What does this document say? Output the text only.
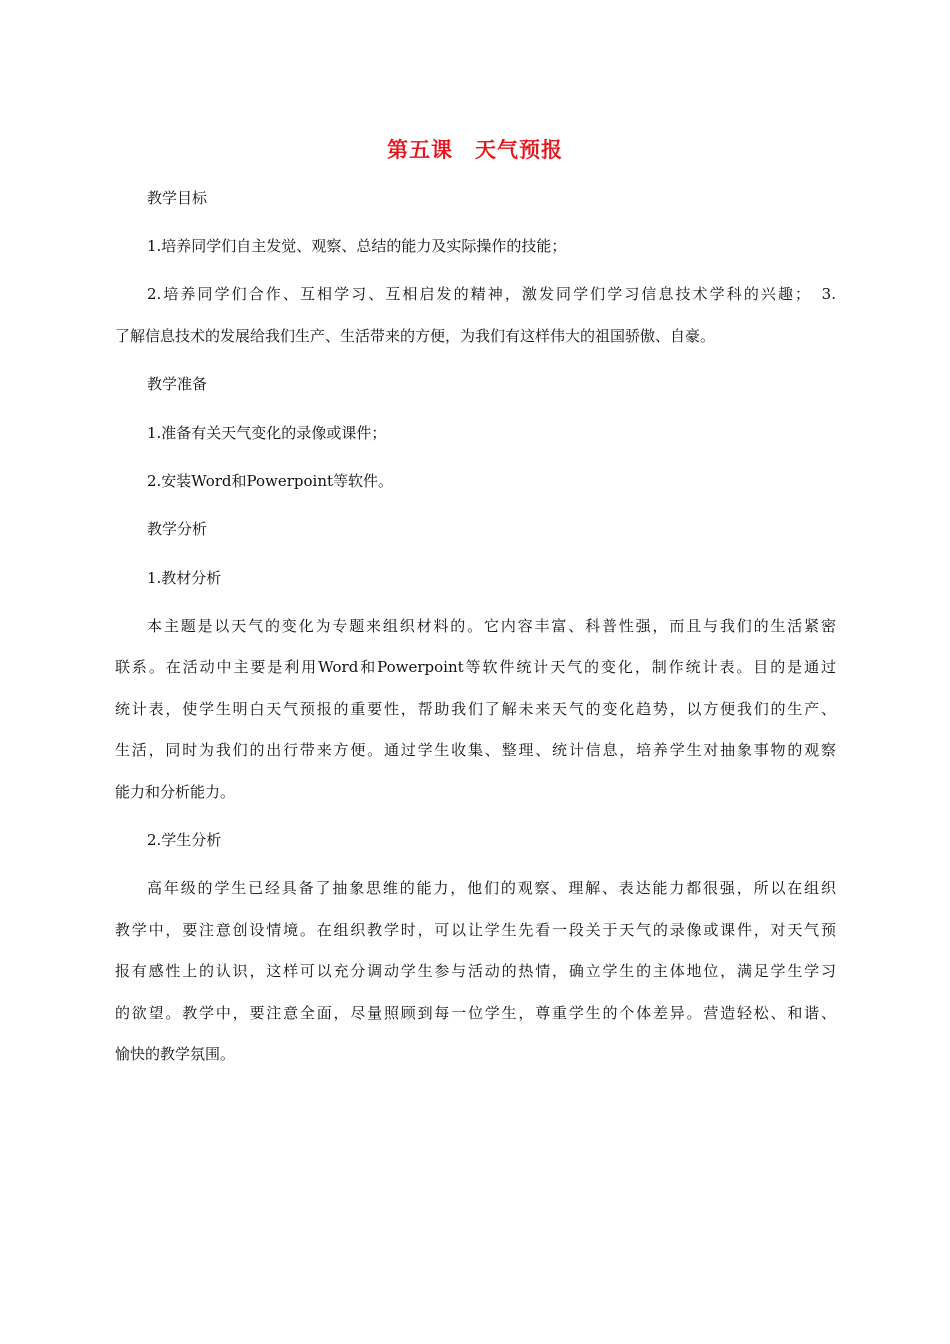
第五课　天气预报
教学目标
1.培养同学们自主发觉、观察、总结的能力及实际操作的技能；
2.培养同学们合作、互相学习、互相启发的精神，激发同学们学习信息技术学科的兴趣；　3.
了解信息技术的发展给我们生产、生活带来的方便，为我们有这样伟大的祖国骄傲、自豪。
教学准备
1.准备有关天气变化的录像或课件；
2.安装Word和Powerpoint等软件。
教学分析
1.教材分析
本主题是以天气的变化为专题来组织材料的。它内容丰富、科普性强，而且与我们的生活紧密
联系。在活动中主要是利用Word和Powerpoint等软件统计天气的变化，制作统计表。目的是通过
统计表，使学生明白天气预报的重要性，帮助我们了解未来天气的变化趋势，以方便我们的生产、
生活，同时为我们的出行带来方便。通过学生收集、整理、统计信息，培养学生对抽象事物的观察
能力和分析能力。
2.学生分析
高年级的学生已经具备了抽象思维的能力，他们的观察、理解、表达能力都很强，所以在组织
教学中，要注意创设情境。在组织教学时，可以让学生先看一段关于天气的录像或课件，对天气预
报有感性上的认识，这样可以充分调动学生参与活动的热情，确立学生的主体地位，满足学生学习
的欲望。教学中，要注意全面，尽量照顾到每一位学生，尊重学生的个体差异。营造轻松、和谐、
愉快的教学氛围。
